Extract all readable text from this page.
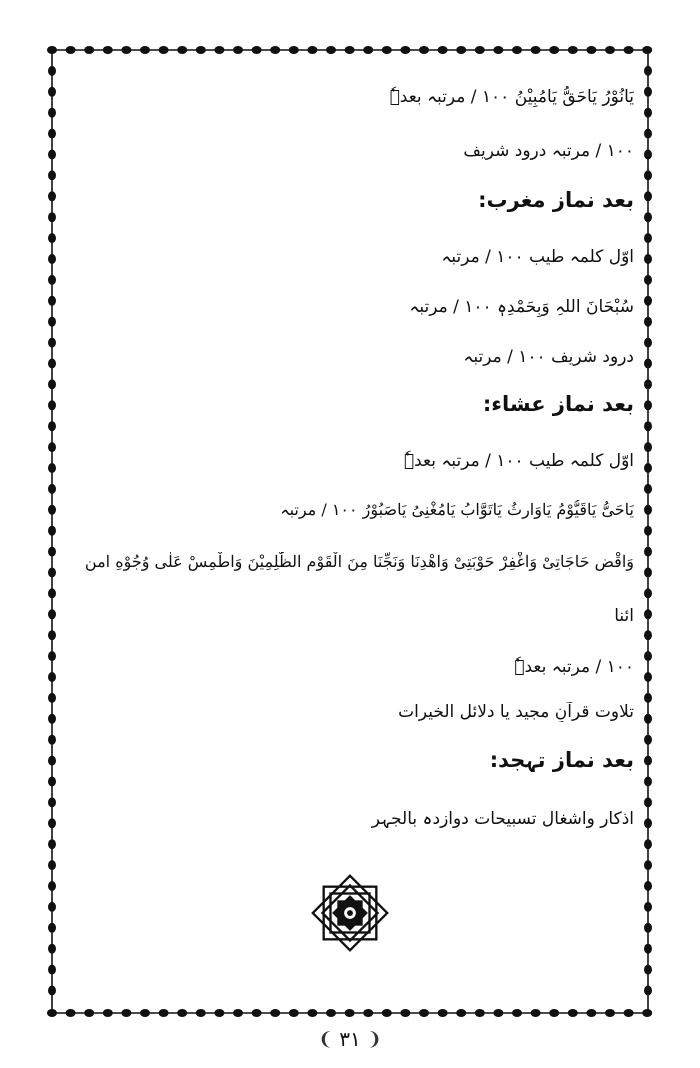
يَانُوْرُ يَاحَقُّ يَامُبِيْنُ ۱۰۰ / مرتبہ بعدہٗ
۱۰۰ / مرتبہ درود شریف
بعد نمازِ مغرب:
اوّل کلمہ طیب ۱۰۰ / مرتبہ
سُبْحَانَ اللہِ وَبِحَمْدِہٖ ۱۰۰ / مرتبہ
درود شریف ۱۰۰ / مرتبہ
بعد نمازِ عشاء:
اوّل کلمہ طیب ۱۰۰ / مرتبہ بعدہٗ
یَاحَیُّ یَاقَیُّوْمُ یَاوَارِثُ یَاتَوَّابُ یَامُغْنِیُ یَاصَبُوْرُ ۱۰۰ / مرتبہ
وَاقْضِ حَاجَاتِیْ وَاغْفِرْ حَوْبَتِیْ وَاهْدِنَا وَنَجِّنَا مِنَ الْقَوْمِ الظّٰلِمِیْنَ وَاطْمِسْ عَلٰی وُجُوْهِ امن
ائنا
۱۰۰ / مرتبہ بعدہٗ
تلاوت قرآنِ مجید یا دلائل الخیرات
بعد نمازِ تہجد:
اذکار واشغال تسبیحات دوازدہ بالجہر
❨ ۳۱ ❩
